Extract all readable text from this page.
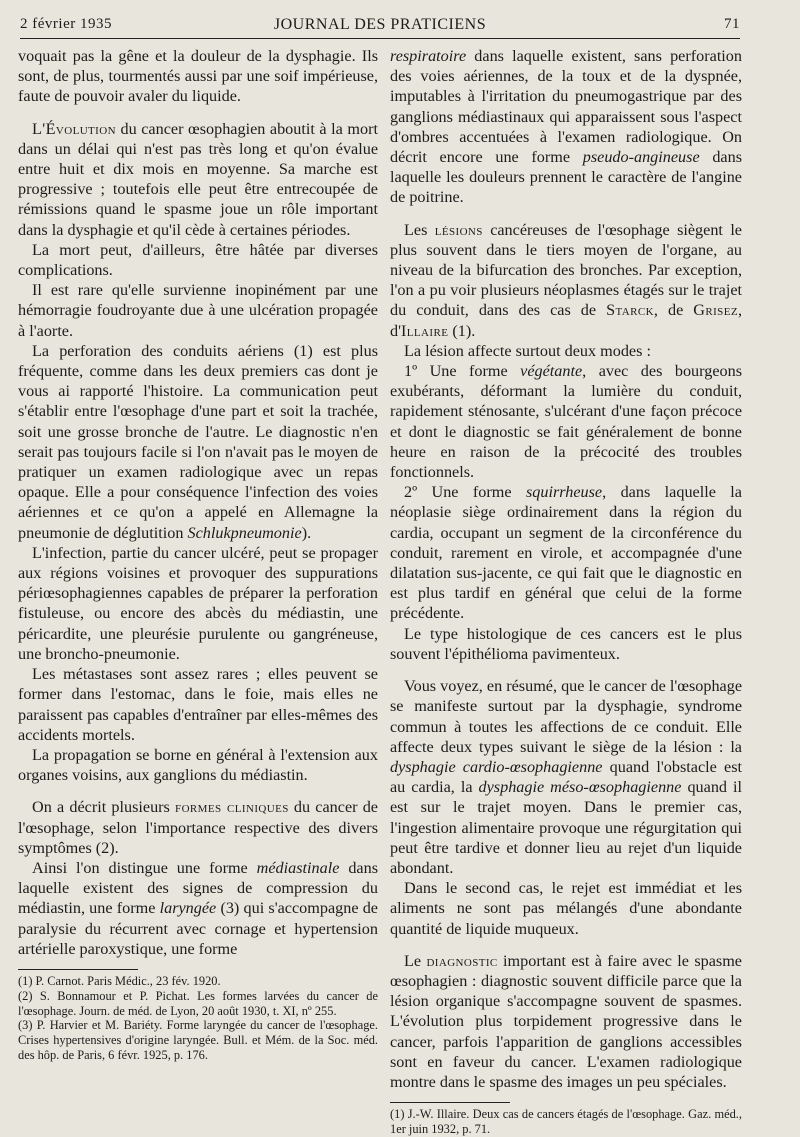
2 février 1935	JOURNAL DES PRATICIENS	71

voquait pas la gêne et la douleur de la dysphagie. Ils sont, de plus, tourmentés aussi par une soif impérieuse, faute de pouvoir avaler du liquide.

L'Évolution du cancer œsophagien aboutit à la mort dans un délai qui n'est pas très long et qu'on évalue entre huit et dix mois en moyenne. Sa marche est progressive ; toutefois elle peut être entrecoupée de rémissions quand le spasme joue un rôle important dans la dysphagie et qu'il cède à certaines périodes.

La mort peut, d'ailleurs, être hâtée par diverses complications.

Il est rare qu'elle survienne inopinément par une hémorragie foudroyante due à une ulcération propagée à l'aorte.

La perforation des conduits aériens (1) est plus fréquente, comme dans les deux premiers cas dont je vous ai rapporté l'histoire. La communication peut s'établir entre l'œsophage d'une part et soit la trachée, soit une grosse bronche de l'autre. Le diagnostic n'en serait pas toujours facile si l'on n'avait pas le moyen de pratiquer un examen radiologique avec un repas opaque. Elle a pour conséquence l'infection des voies aériennes et ce qu'on a appelé en Allemagne la pneumonie de déglutition Schlukpneumonie).

L'infection, partie du cancer ulcéré, peut se propager aux régions voisines et provoquer des suppurations périœsophagiennes capables de préparer la perforation fistuleuse, ou encore des abcès du médiastin, une péricardite, une pleurésie purulente ou gangréneuse, une broncho-pneumonie.

Les métastases sont assez rares ; elles peuvent se former dans l'estomac, dans le foie, mais elles ne paraissent pas capables d'entraîner par elles-mêmes des accidents mortels.

La propagation se borne en général à l'extension aux organes voisins, aux ganglions du médiastin.

On a décrit plusieurs formes cliniques du cancer de l'œsophage, selon l'importance respective des divers symptômes (2).

Ainsi l'on distingue une forme médiastinale dans laquelle existent des signes de compression du médiastin, une forme laryngée (3) qui s'accompagne de paralysie du récurrent avec cornage et hypertension artérielle paroxystique, une forme

(1) P. Carnot. Paris Médic., 23 fév. 1920.

(2) S. Bonnamour et P. Pichat. Les formes larvées du cancer de l'œsophage. Journ. de méd. de Lyon, 20 août 1930, t. XI, nº 255.

(3) P. Harvier et M. Bariéty. Forme laryngée du cancer de l'œsophage. Crises hypertensives d'origine laryngée. Bull. et Mém. de la Soc. méd. des hôp. de Paris, 6 févr. 1925, p. 176.

respiratoire dans laquelle existent, sans perforation des voies aériennes, de la toux et de la dyspnée, imputables à l'irritation du pneumogastrique par des ganglions médiastinaux qui apparaissent sous l'aspect d'ombres accentuées à l'examen radiologique. On décrit encore une forme pseudo-angineuse dans laquelle les douleurs prennent le caractère de l'angine de poitrine.

Les lésions cancéreuses de l'œsophage siègent le plus souvent dans le tiers moyen de l'organe, au niveau de la bifurcation des bronches. Par exception, l'on a pu voir plusieurs néoplasmes étagés sur le trajet du conduit, dans des cas de Starck, de Grisez, d'Illaire (1).

La lésion affecte surtout deux modes :

1º Une forme végétante, avec des bourgeons exubérants, déformant la lumière du conduit, rapidement sténosante, s'ulcérant d'une façon précoce et dont le diagnostic se fait généralement de bonne heure en raison de la précocité des troubles fonctionnels.

2º Une forme squirrheuse, dans laquelle la néoplasie siège ordinairement dans la région du cardia, occupant un segment de la circonférence du conduit, rarement en virole, et accompagnée d'une dilatation sus-jacente, ce qui fait que le diagnostic en est plus tardif en général que celui de la forme précédente.

Le type histologique de ces cancers est le plus souvent l'épithélioma pavimenteux.

Vous voyez, en résumé, que le cancer de l'œsophage se manifeste surtout par la dysphagie, syndrome commun à toutes les affections de ce conduit. Elle affecte deux types suivant le siège de la lésion : la dysphagie cardio-œsophagienne quand l'obstacle est au cardia, la dysphagie méso-œsophagienne quand il est sur le trajet moyen. Dans le premier cas, l'ingestion alimentaire provoque une régurgitation qui peut être tardive et donner lieu au rejet d'un liquide abondant.

Dans le second cas, le rejet est immédiat et les aliments ne sont pas mélangés d'une abondante quantité de liquide muqueux.

Le diagnostic important est à faire avec le spasme œsophagien : diagnostic souvent difficile parce que la lésion organique s'accompagne souvent de spasmes. L'évolution plus torpidement progressive dans le cancer, parfois l'apparition de ganglions accessibles sont en faveur du cancer. L'examen radiologique montre dans le spasme des images un peu spéciales.

(1) J.-W. Illaire. Deux cas de cancers étagés de l'œsophage. Gaz. méd., 1er juin 1932, p. 71.
